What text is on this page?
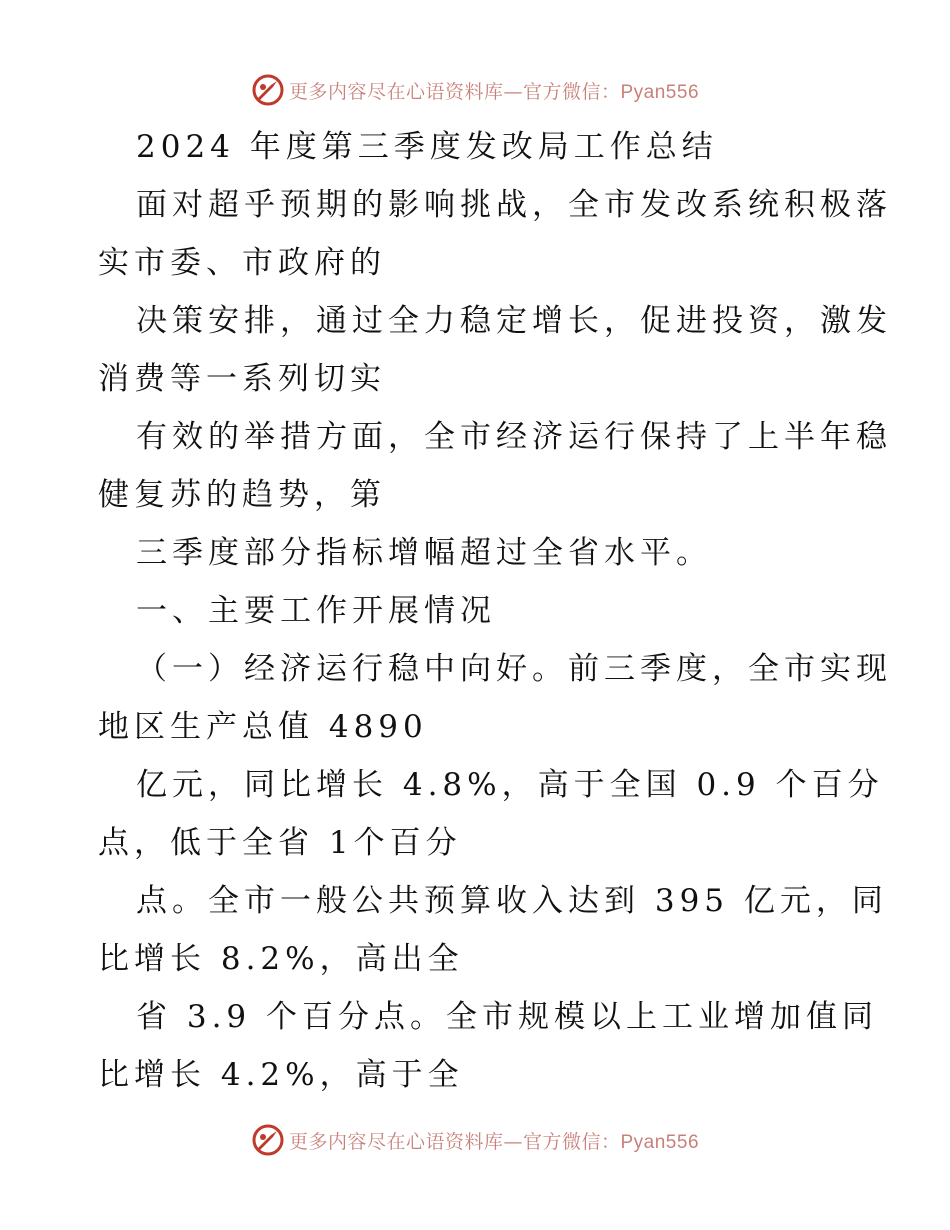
更多内容尽在心语资料库—官方微信：Pyan556
2024 年度第三季度发改局工作总结
面对超乎预期的影响挑战，全市发改系统积极落
实市委、市政府的
决策安排，通过全力稳定增长，促进投资，激发
消费等一系列切实
有效的举措方面，全市经济运行保持了上半年稳
健复苏的趋势，第
三季度部分指标增幅超过全省水平。
一、主要工作开展情况
（一）经济运行稳中向好。前三季度，全市实现
地区生产总值 4890
亿元，同比增长 4.8%，高于全国 0.9 个百分
点，低于全省 1个百分
点。全市一般公共预算收入达到 395 亿元，同
比增长 8.2%，高出全
省 3.9 个百分点。全市规模以上工业增加值同
比增长 4.2%，高于全
更多内容尽在心语资料库—官方微信：Pyan556
